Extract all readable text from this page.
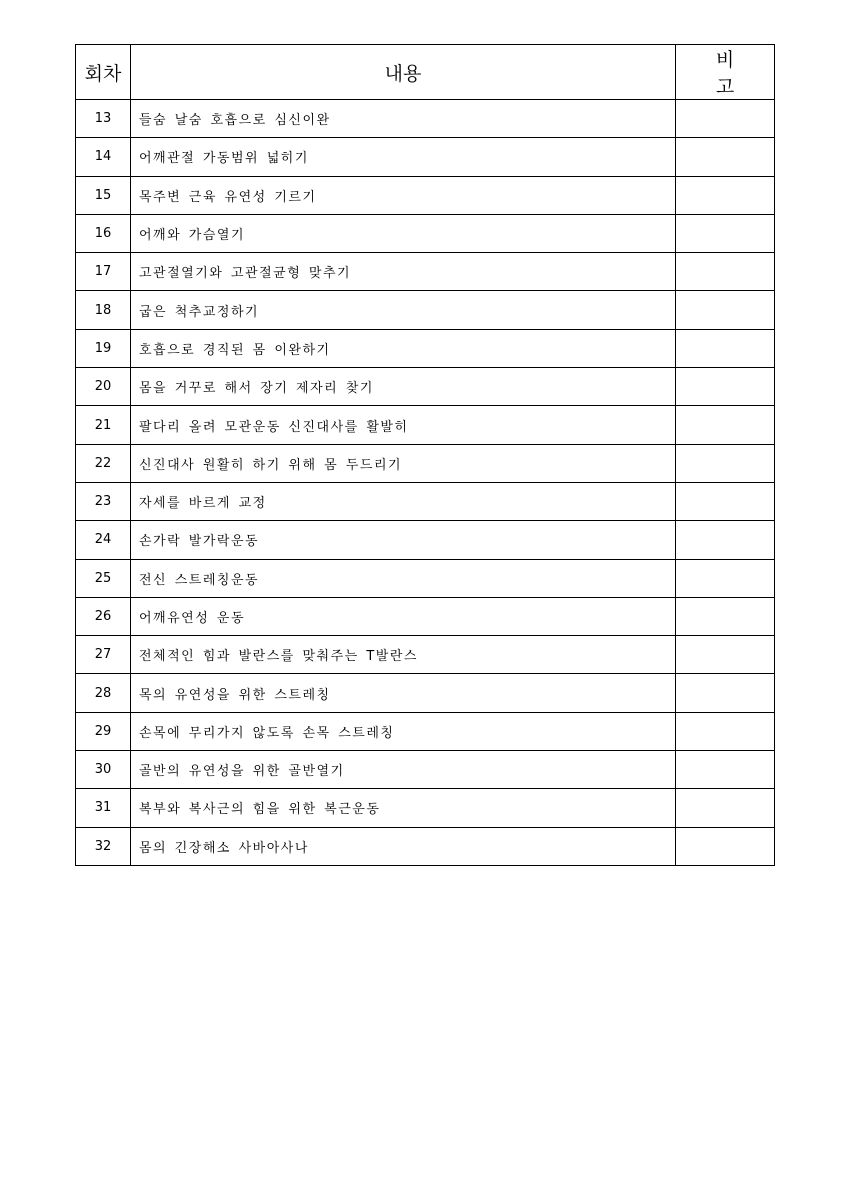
회차	내용	비 고
13	들숨 날숨 호흡으로 심신이완	
14	어깨관절 가동범위 넓히기	
15	목주변 근육 유연성 기르기	
16	어깨와 가슴열기	
17	고관절열기와 고관절균형 맞추기	
18	굽은 척추교정하기	
19	호흡으로 경직된 몸 이완하기	
20	몸을 거꾸로 해서 장기 제자리 찾기	
21	팔다리 올려 모관운동 신진대사를 활발히	
22	신진대사 원활히 하기 위해 몸 두드리기	
23	자세를 바르게 교정	
24	손가락 발가락운동	
25	전신 스트레칭운동	
26	어깨유연성 운동	
27	전체적인 힘과 발란스를 맞춰주는 T발란스	
28	목의 유연성을 위한 스트레칭	
29	손목에 무리가지 않도록 손목 스트레칭	
30	골반의 유연성을 위한 골반열기	
31	복부와 복사근의 힘을 위한 복근운동	
32	몸의 긴장해소 사바아사나	
